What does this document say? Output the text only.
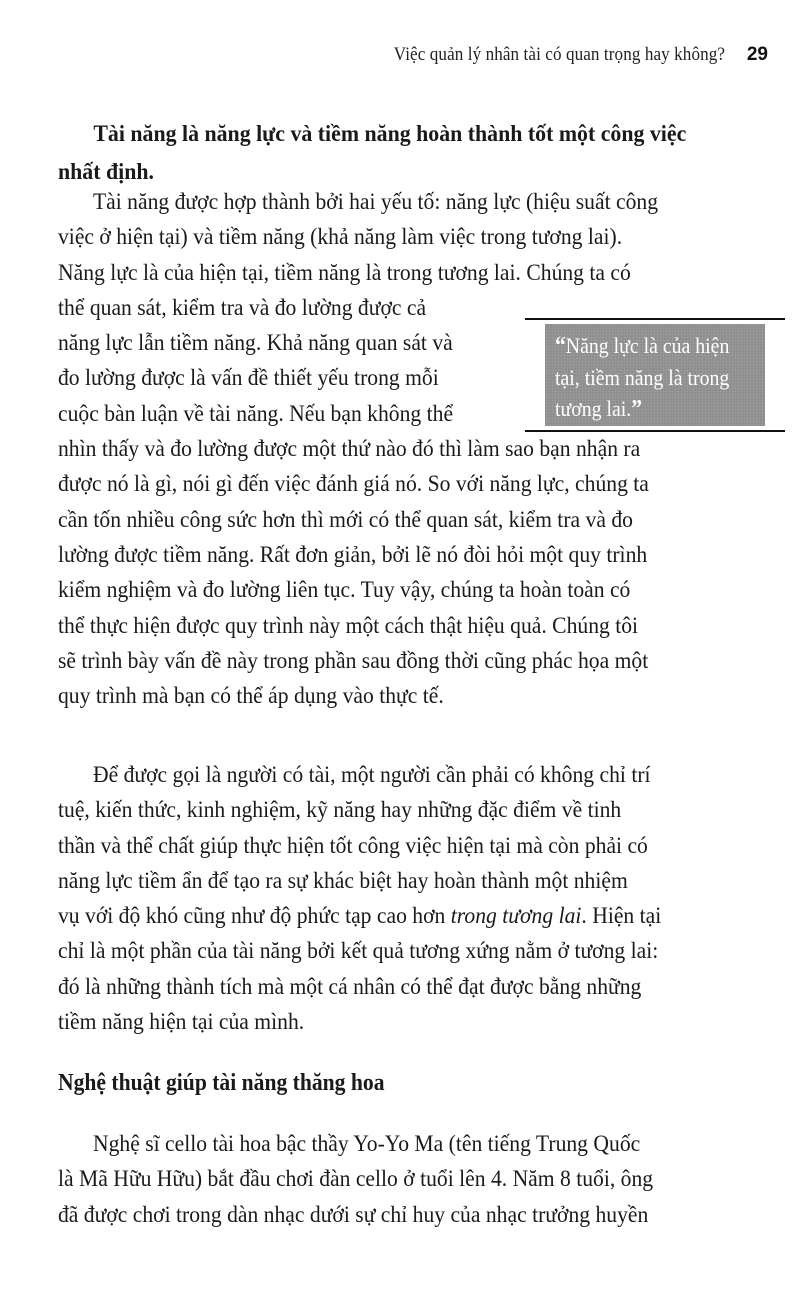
Việc quản lý nhân tài có quan trọng hay không? 29
Tài năng là năng lực và tiềm năng hoàn thành tốt một công việc
nhất định.
Tài năng được hợp thành bởi hai yếu tố: năng lực (hiệu suất công
việc ở hiện tại) và tiềm năng (khả năng làm việc trong tương lai).
Năng lực là của hiện tại, tiềm năng là trong tương lai. Chúng ta có
thể quan sát, kiểm tra và đo lường được cả
năng lực lẫn tiềm năng. Khả năng quan sát và
đo lường được là vấn đề thiết yếu trong mỗi
cuộc bàn luận về tài năng. Nếu bạn không thể
nhìn thấy và đo lường được một thứ nào đó thì làm sao bạn nhận ra
được nó là gì, nói gì đến việc đánh giá nó. So với năng lực, chúng ta
cần tốn nhiều công sức hơn thì mới có thể quan sát, kiểm tra và đo
lường được tiềm năng. Rất đơn giản, bởi lẽ nó đòi hỏi một quy trình
kiểm nghiệm và đo lường liên tục. Tuy vậy, chúng ta hoàn toàn có
thể thực hiện được quy trình này một cách thật hiệu quả. Chúng tôi
sẽ trình bày vấn đề này trong phần sau đồng thời cũng phác họa một
quy trình mà bạn có thể áp dụng vào thực tế.
“Năng lực là của hiện
tại, tiềm năng là trong
tương lai.”
Để được gọi là người có tài, một người cần phải có không chỉ trí
tuệ, kiến thức, kinh nghiệm, kỹ năng hay những đặc điểm về tinh
thần và thể chất giúp thực hiện tốt công việc hiện tại mà còn phải có
năng lực tiềm ẩn để tạo ra sự khác biệt hay hoàn thành một nhiệm
vụ với độ khó cũng như độ phức tạp cao hơn trong tương lai. Hiện tại
chỉ là một phần của tài năng bởi kết quả tương xứng nằm ở tương lai:
đó là những thành tích mà một cá nhân có thể đạt được bằng những
tiềm năng hiện tại của mình.
Nghệ thuật giúp tài năng thăng hoa
Nghệ sĩ cello tài hoa bậc thầy Yo-Yo Ma (tên tiếng Trung Quốc
là Mã Hữu Hữu) bắt đầu chơi đàn cello ở tuổi lên 4. Năm 8 tuổi, ông
đã được chơi trong dàn nhạc dưới sự chỉ huy của nhạc trưởng huyền
